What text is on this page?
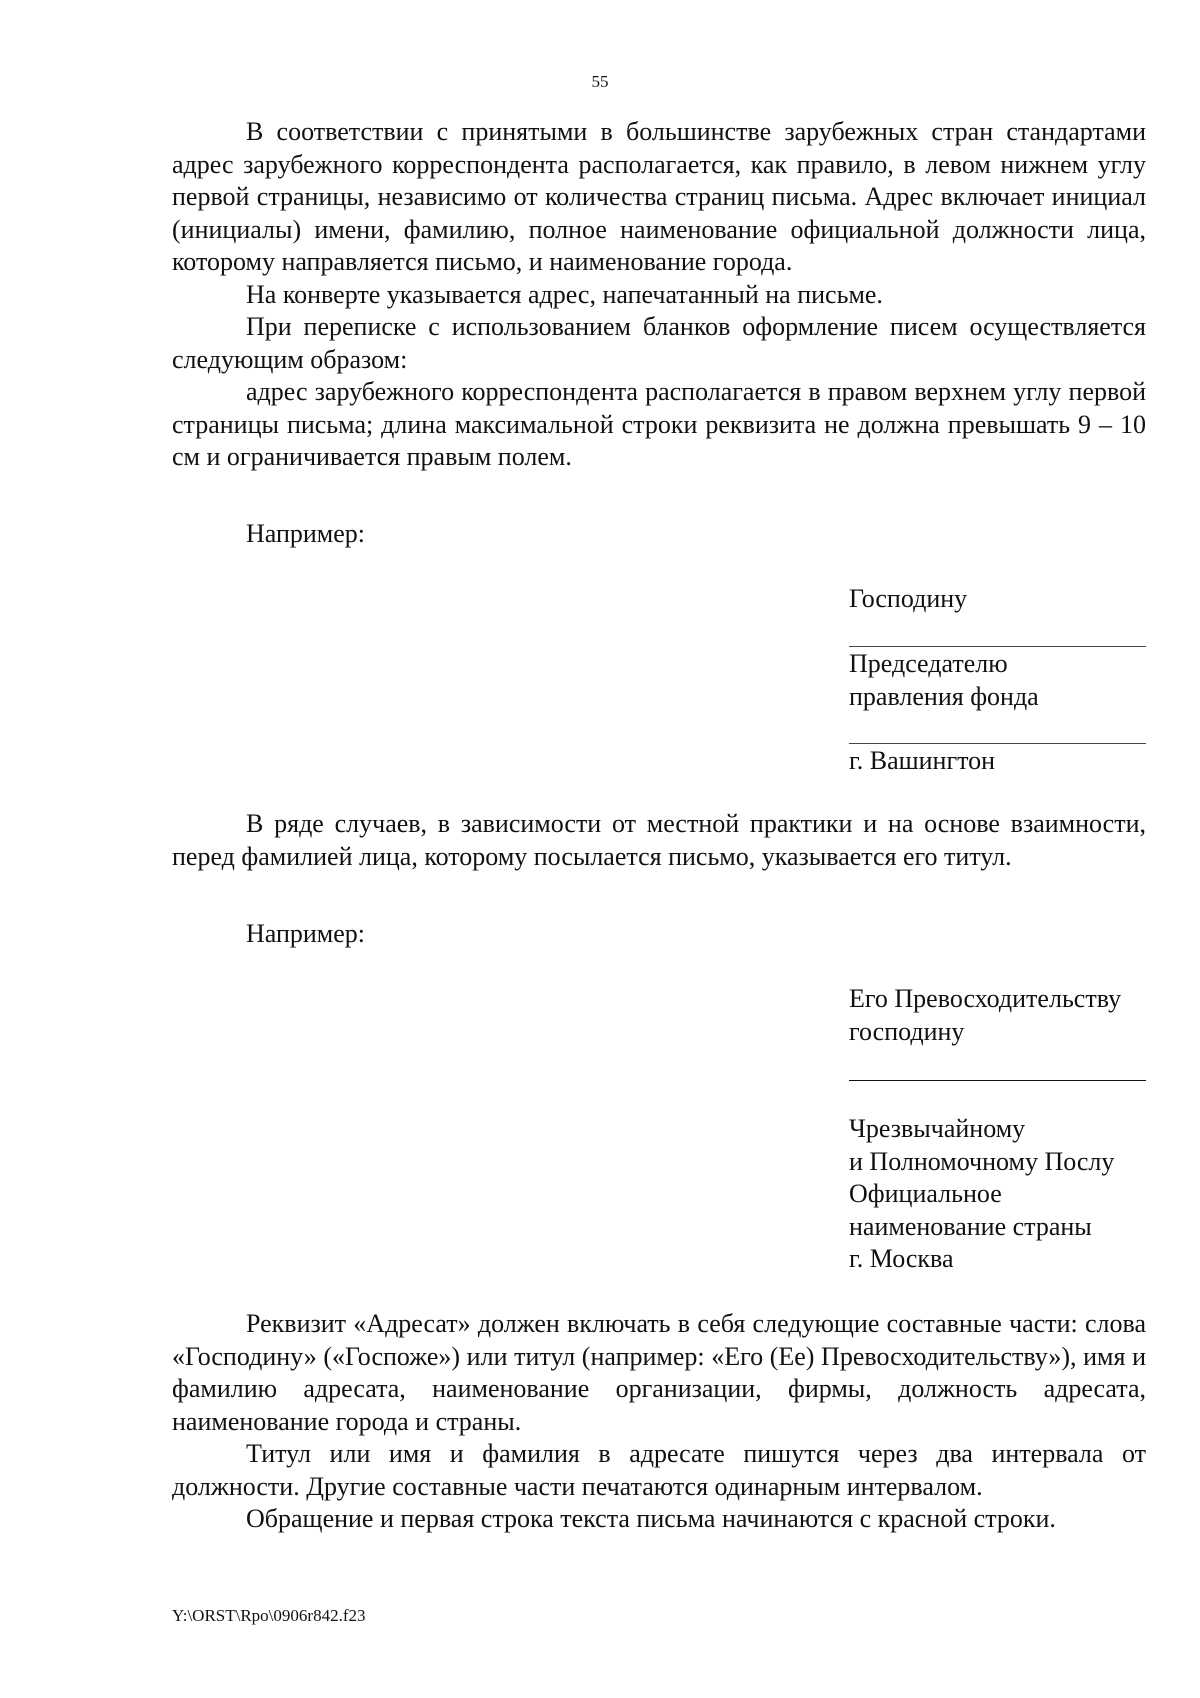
55

В соответствии с принятыми в большинстве зарубежных стран стандартами адрес зарубежного корреспондента располагается, как правило, в левом нижнем углу первой страницы, независимо от количества страниц письма. Адрес включает инициал (инициалы) имени, фамилию, полное наименование официальной должности лица, которому направляется письмо, и наименование города.

На конверте указывается адрес, напечатанный на письме.

При переписке с использованием бланков оформление писем осуществляется следующим образом:

адрес зарубежного корреспондента располагается в правом верхнем углу первой страницы письма; длина максимальной строки реквизита не должна превышать 9 – 10 см и ограничивается правым полем.

Например:
Господину
Председателю
правления фонда
г. Вашингтон

В ряде случаев, в зависимости от местной практики и на основе взаимности, перед фамилией лица, которому посылается письмо, указывается его титул.

Например:
Его Превосходительству
господину
Чрезвычайному
и Полномочному Послу
Официальное
наименование страны
г. Москва

Реквизит «Адресат» должен включать в себя следующие составные части: слова «Господину» («Госпоже») или титул (например: «Его (Ее) Превосходительству»), имя и фамилию адресата, наименование организации, фирмы, должность адресата, наименование города и страны.

Титул или имя и фамилия в адресате пишутся через два интервала от должности. Другие составные части печатаются одинарным интервалом.

Обращение и первая строка текста письма начинаются с красной строки.

Y:\ORST\Rpo\0906r842.f23
